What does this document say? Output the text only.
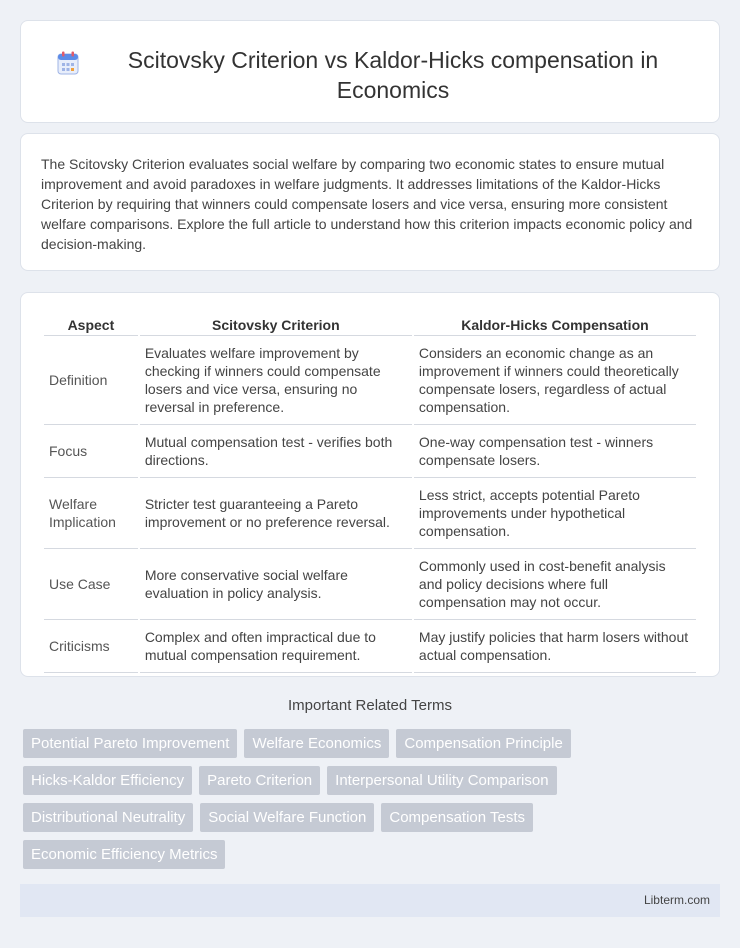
Scitovsky Criterion vs Kaldor-Hicks compensation in Economics

The Scitovsky Criterion evaluates social welfare by comparing two economic states to ensure mutual improvement and avoid paradoxes in welfare judgments. It addresses limitations of the Kaldor-Hicks Criterion by requiring that winners could compensate losers and vice versa, ensuring more consistent welfare comparisons. Explore the full article to understand how this criterion impacts economic policy and decision-making.

Aspect	Scitovsky Criterion	Kaldor-Hicks Compensation
Definition	Evaluates welfare improvement by checking if winners could compensate losers and vice versa, ensuring no reversal in preference.	Considers an economic change as an improvement if winners could theoretically compensate losers, regardless of actual compensation.
Focus	Mutual compensation test - verifies both directions.	One-way compensation test - winners compensate losers.
Welfare Implication	Stricter test guaranteeing a Pareto improvement or no preference reversal.	Less strict, accepts potential Pareto improvements under hypothetical compensation.
Use Case	More conservative social welfare evaluation in policy analysis.	Commonly used in cost-benefit analysis and policy decisions where full compensation may not occur.
Criticisms	Complex and often impractical due to mutual compensation requirement.	May justify policies that harm losers without actual compensation.
Important Related Terms
Potential Pareto Improvement	Welfare Economics	Compensation Principle
Hicks-Kaldor Efficiency	Pareto Criterion	Interpersonal Utility Comparison
Distributional Neutrality	Social Welfare Function	Compensation Tests
Economic Efficiency Metrics
Libterm.com
